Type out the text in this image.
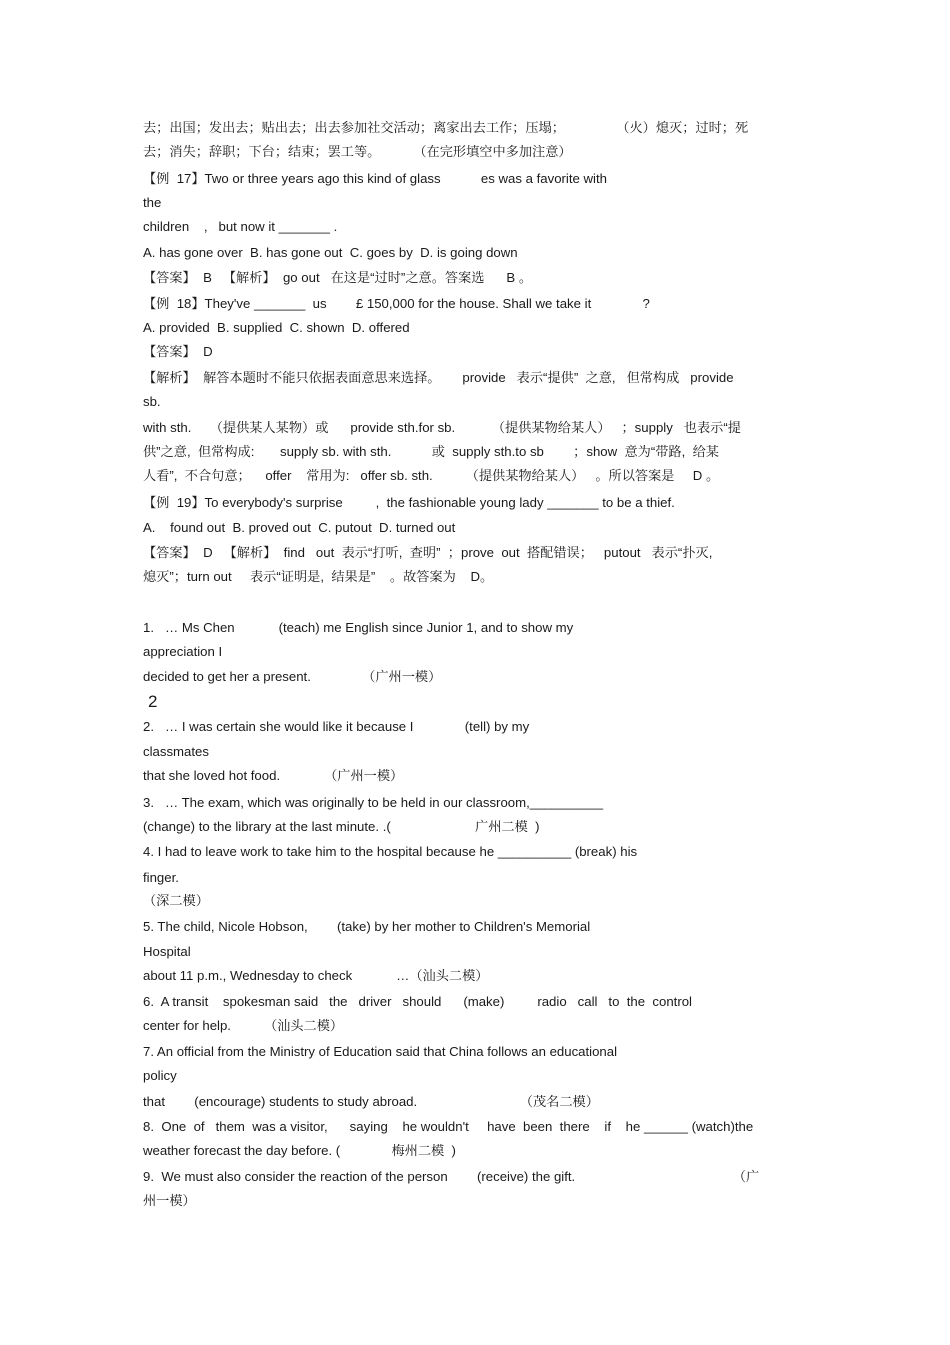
去；出国；发出去；贴出去；出去参加社交活动；离家出去工作；压塌；              （火）熄灭；过时；死
去；消失；辞职；下台；结束；罢工等。         （在完形填空中多加注意）
【例  17】Two or three years ago this kind of glass           es was a favorite with
the
children    ,   but now it _______ .
A. has gone over  B. has gone out  C. goes by  D. is going down
【答案】  B   【解析】  go out   在这是“过时”之意。答案选      B 。
【例  18】They've _______  us        £ 150,000 for the house. Shall we take it              ?
A. provided  B. supplied  C. shown  D. offered
【答案】  D
【解析】  解答本题时不能只依据表面意思来选择。      provide   表示“提供”  之意,   但常构成   provide
sb.
with sth.     （提供某人某物）或      provide sth.for sb.          （提供某物给某人）   ；supply   也表示“提
供”之意,  但常构成:       supply sb. with sth.           或  supply sth.to sb        ；show  意为“带路,  给某
人看”,  不合句意；    offer    常用为:   offer sb. sth.         （提供某物给某人）   。所以答案是     D 。
【例  19】To everybody's surprise         ,  the fashionable young lady _______ to be a thief.
A.    found out  B. proved out  C. putout  D. turned out
【答案】  D   【解析】  find   out  表示“打听,  查明”  ；prove  out  搭配错误；   putout   表示“扑灭,
熄灭”；turn out     表示“证明是,  结果是”    。故答案为    D。
1.   … Ms Chen            (teach) me English since Junior 1, and to show my
appreciation I
decided to get her a present.              （广州一模）
2
2.   … I was certain she would like it because I              (tell) by my
classmates
that she loved hot food.            （广州一模）
3.   … The exam, which was originally to be held in our classroom,__________
(change) to the library at the last minute. .(                       广州二模  )
4. I had to leave work to take him to the hospital because he __________ (break) his
finger.
（深二模）
5. The child, Nicole Hobson,        (take) by her mother to Children's Memorial
Hospital
about 11 p.m., Wednesday to check            …（汕头二模）
6.  A transit    spokesman said   the   driver   should      (make)         radio   call   to  the  control
center for help.         （汕头二模）
7. An official from the Ministry of Education said that China follows an educational
policy
that        (encourage) students to study abroad.                            （茂名二模）
8.  One  of   them  was a visitor,      saying    he wouldn't     have  been  there    if    he ______ (watch)the
weather forecast the day before. (              梅州二模  )
9.  We must also consider the reaction of the person        (receive) the gift.                                           （广
州一模）
